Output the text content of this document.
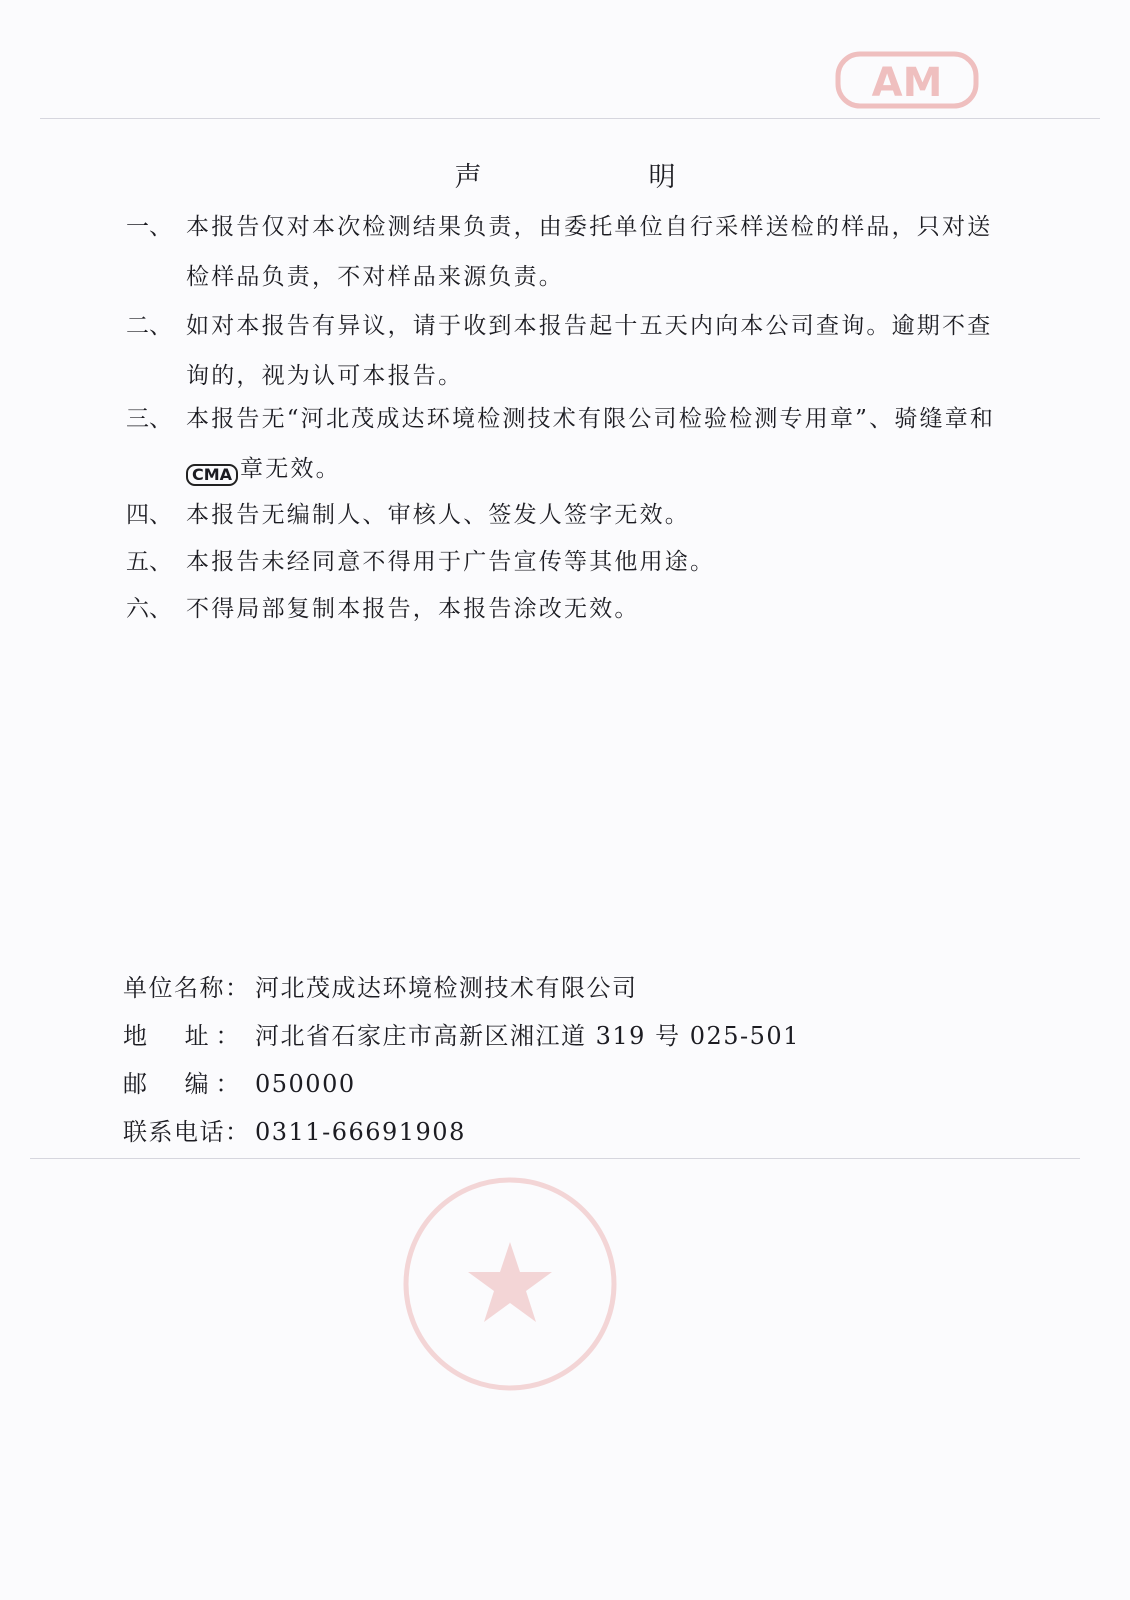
AM
声　明
一、 本报告仅对本次检测结果负责，由委托单位自行采样送检的样品，只对送检样品负责，不对样品来源负责。
二、 如对本报告有异议，请于收到本报告起十五天内向本公司查询。逾期不查询的，视为认可本报告。
三、 本报告无“河北茂成达环境检测技术有限公司检验检测专用章”、骑缝章和CMA 章无效。
四、 本报告无编制人、审核人、签发人签字无效。
五、 本报告未经同意不得用于广告宣传等其他用途。
六、 不得局部复制本报告，本报告涂改无效。
单位名称： 河北茂成达环境检测技术有限公司
地　址： 河北省石家庄市高新区湘江道 319 号 025-501
邮　编： 050000
联系电话： 0311-66691908
